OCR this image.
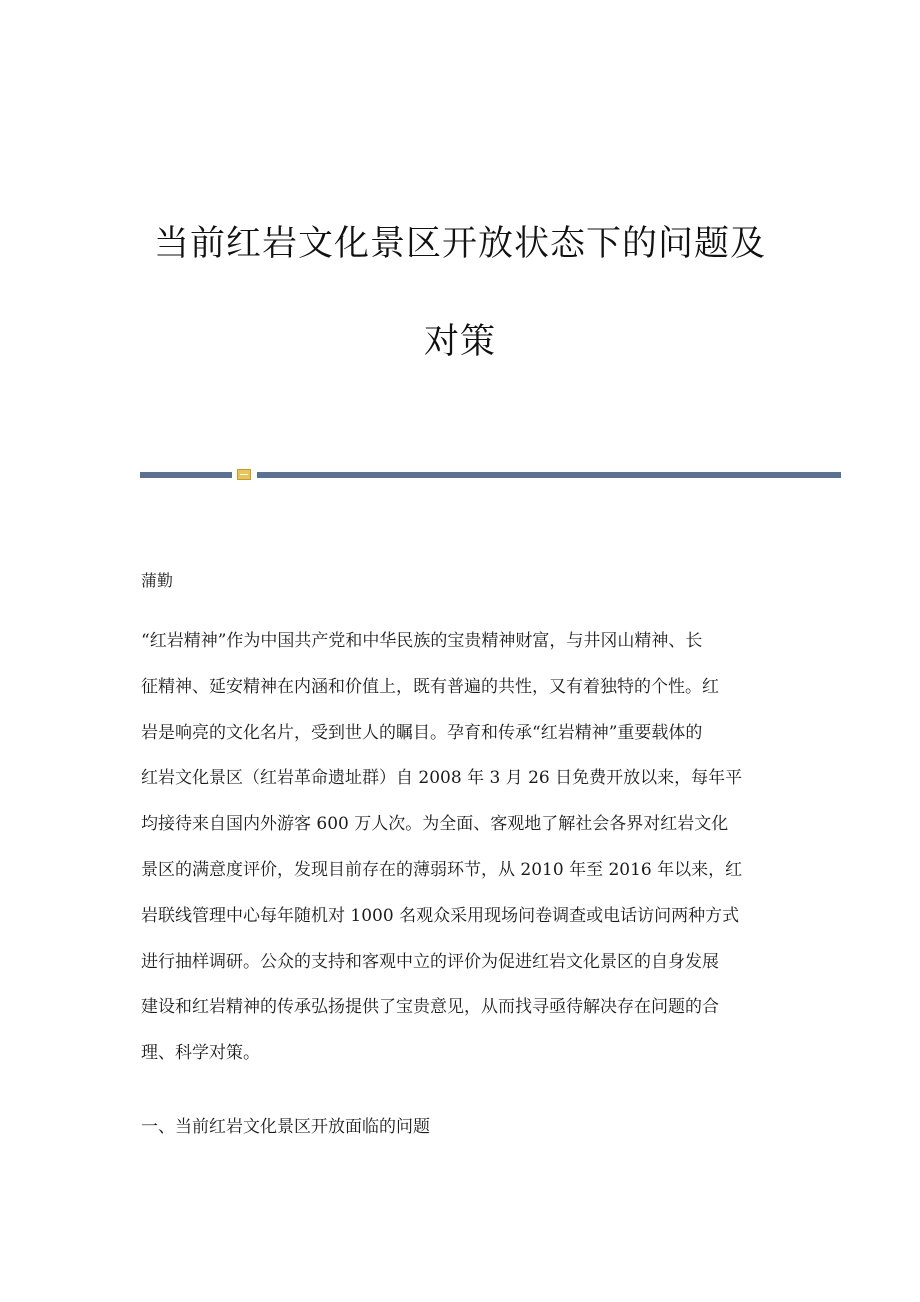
当前红岩文化景区开放状态下的问题及
对策

蒲勤

“红岩精神”作为中国共产党和中华民族的宝贵精神财富，与井冈山精神、长
征精神、延安精神在内涵和价值上，既有普遍的共性，又有着独特的个性。红
岩是响亮的文化名片，受到世人的瞩目。孕育和传承“红岩精神”重要载体的
红岩文化景区（红岩革命遗址群）自 2008 年 3 月 26 日免费开放以来，每年平
均接待来自国内外游客 600 万人次。为全面、客观地了解社会各界对红岩文化
景区的满意度评价，发现目前存在的薄弱环节，从 2010 年至 2016 年以来，红
岩联线管理中心每年随机对 1000 名观众采用现场问卷调查或电话访问两种方式
进行抽样调研。公众的支持和客观中立的评价为促进红岩文化景区的自身发展
建设和红岩精神的传承弘扬提供了宝贵意见，从而找寻亟待解决存在问题的合
理、科学对策。

一、当前红岩文化景区开放面临的问题
